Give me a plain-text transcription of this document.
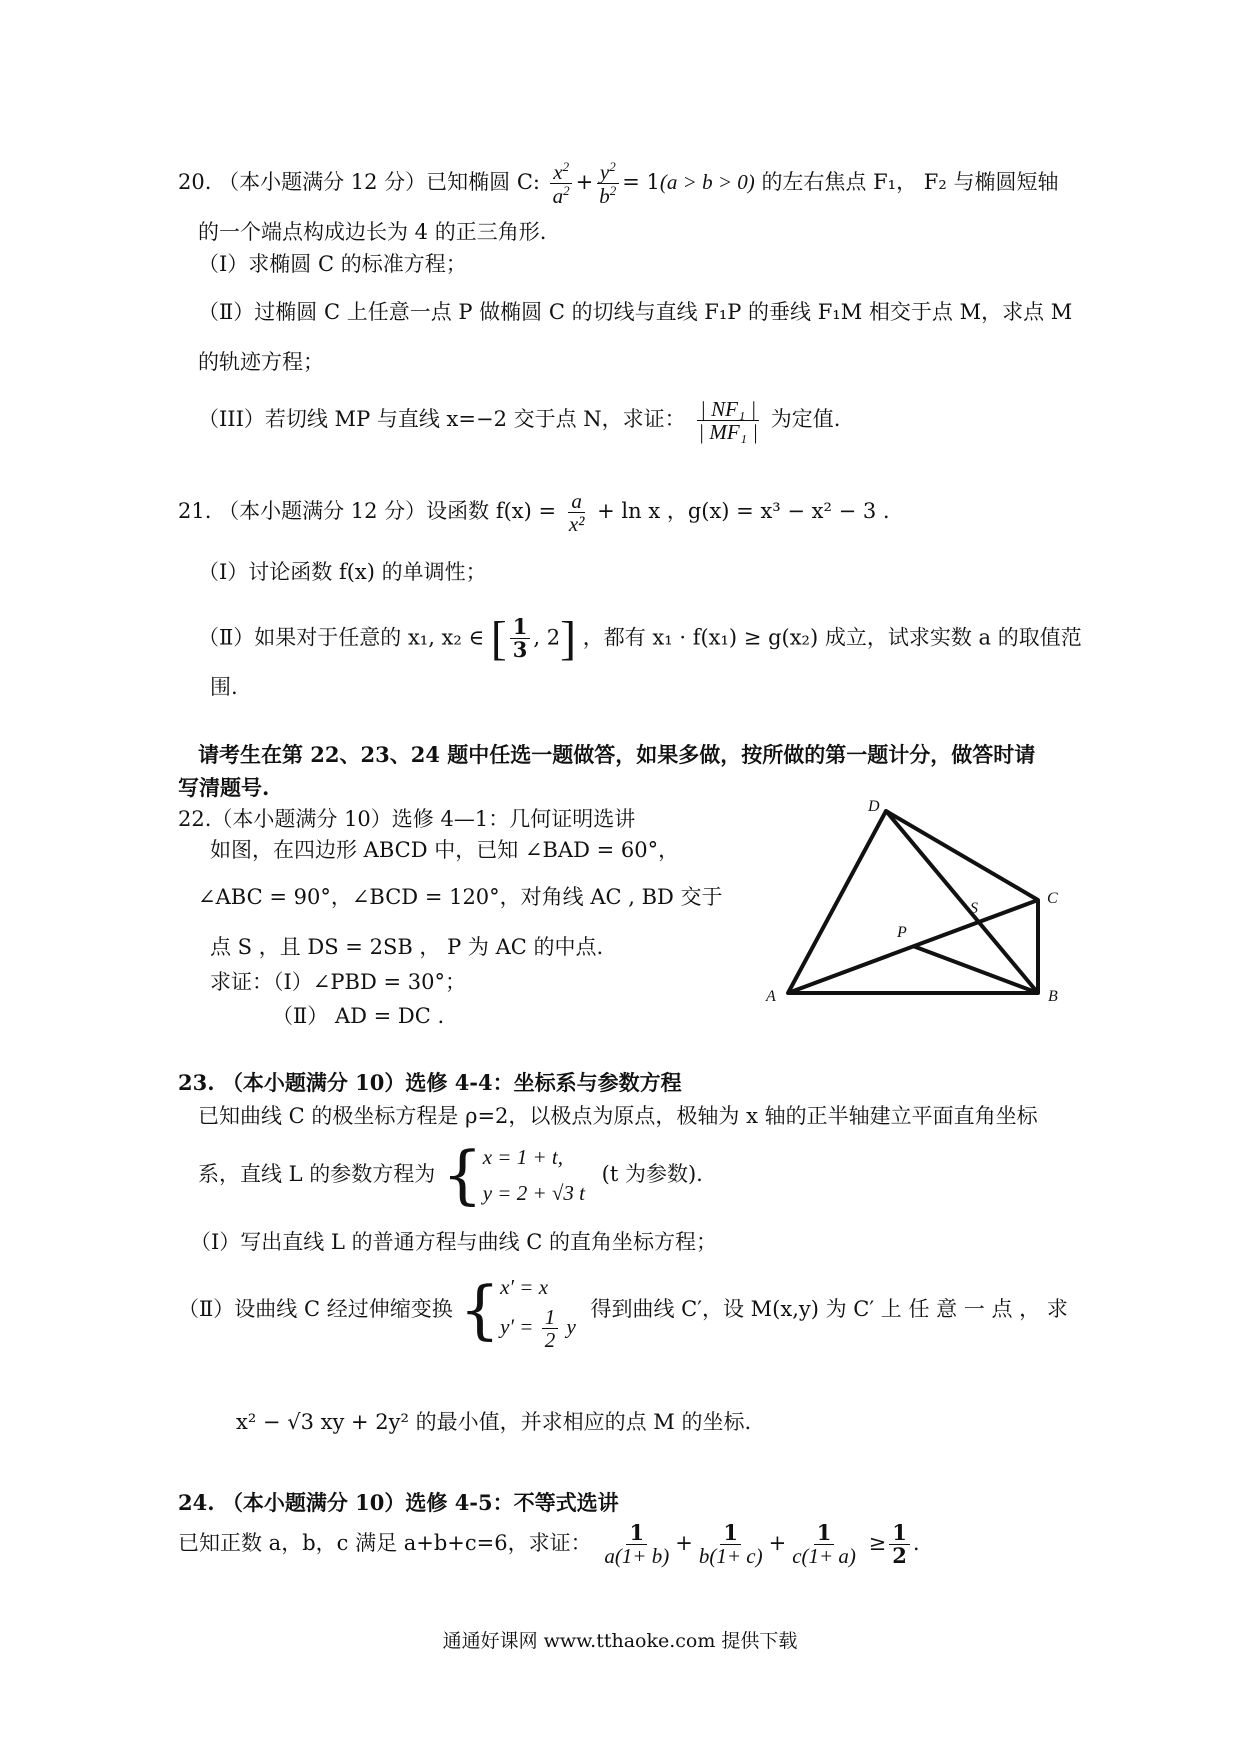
20. （本小题满分 12 分）已知椭圆 C: $\frac{x^2}{a^2} + \frac{y^2}{b^2} = 1(a > b > 0)$ 的左右焦点 F₁， F₂ 与椭圆短轴
的一个端点构成边长为 4 的正三角形.
（Ⅰ）求椭圆 C 的标准方程；
（Ⅱ）过椭圆 C 上任意一点 P 做椭圆 C 的切线与直线 F₁P 的垂线 F₁M 相交于点 M，求点 M
的轨迹方程；
（III）若切线 MP 与直线 x=−2 交于点 N，求证： $\frac{\text{| NF₁ |}}{\text{| MF₁ |}}$ 为定值.
21. （本小题满分 12 分）设函数 $f(x) = \frac{a}{\text{x²}} + \ln x$ ，g(x) = x³ − x² − 3 .
（Ⅰ）讨论函数 f(x) 的单调性；
（Ⅱ）如果对于任意的 x₁, x₂ ∈ [ $\frac{1}{3}$ , 2] ，都有 x₁ · f(x₁) ≥ g(x₂) 成立，试求实数 a 的取值范
围.
请考生在第 22、23、24 题中任选一题做答，如果多做，按所做的第一题计分，做答时请
写清题号.
22.（本小题满分 10）选修 4—1：几何证明选讲
如图，在四边形 ABCD 中，已知 ∠BAD = 60°，
∠ABC = 90°，∠BCD = 120°，对角线 AC , BD 交于
点 S ，且 DS = 2SB ， P 为 AC 的中点.
求证：（Ⅰ）∠PBD = 30°；
（Ⅱ） AD = DC .
D
C
S
P
A	B
23. （本小题满分 10）选修 4-4：坐标系与参数方程
已知曲线 C 的极坐标方程是 ρ=2，以极点为原点，极轴为 x 轴的正半轴建立平面直角坐标
系，直线 L 的参数方程为 { x = 1 + t,
y = 2 + √3 t
(t 为参数).
（Ⅰ）写出直线 L 的普通方程与曲线 C 的直角坐标方程；
（Ⅱ）设曲线 C 经过伸缩变换 { x′ = x
$y' = \frac{1}{2}$ y
得到曲线 C′，设 M(x,y) 为 C′ 上 任 意 一 点 ， 求
x² − √3 xy + 2y² 的最小值，并求相应的点 M 的坐标.
24. （本小题满分 10）选修 4-5：不等式选讲
已知正数 a，b，c 满足 a+b+c=6，求证： $\frac{1}{a(1+ b)} + \frac{1}{b(1+ c)} + \frac{1}{c(1+ a)} \ge \frac{1}{2}$ .
通通好课网 www.tthaoke.com 提供下载
